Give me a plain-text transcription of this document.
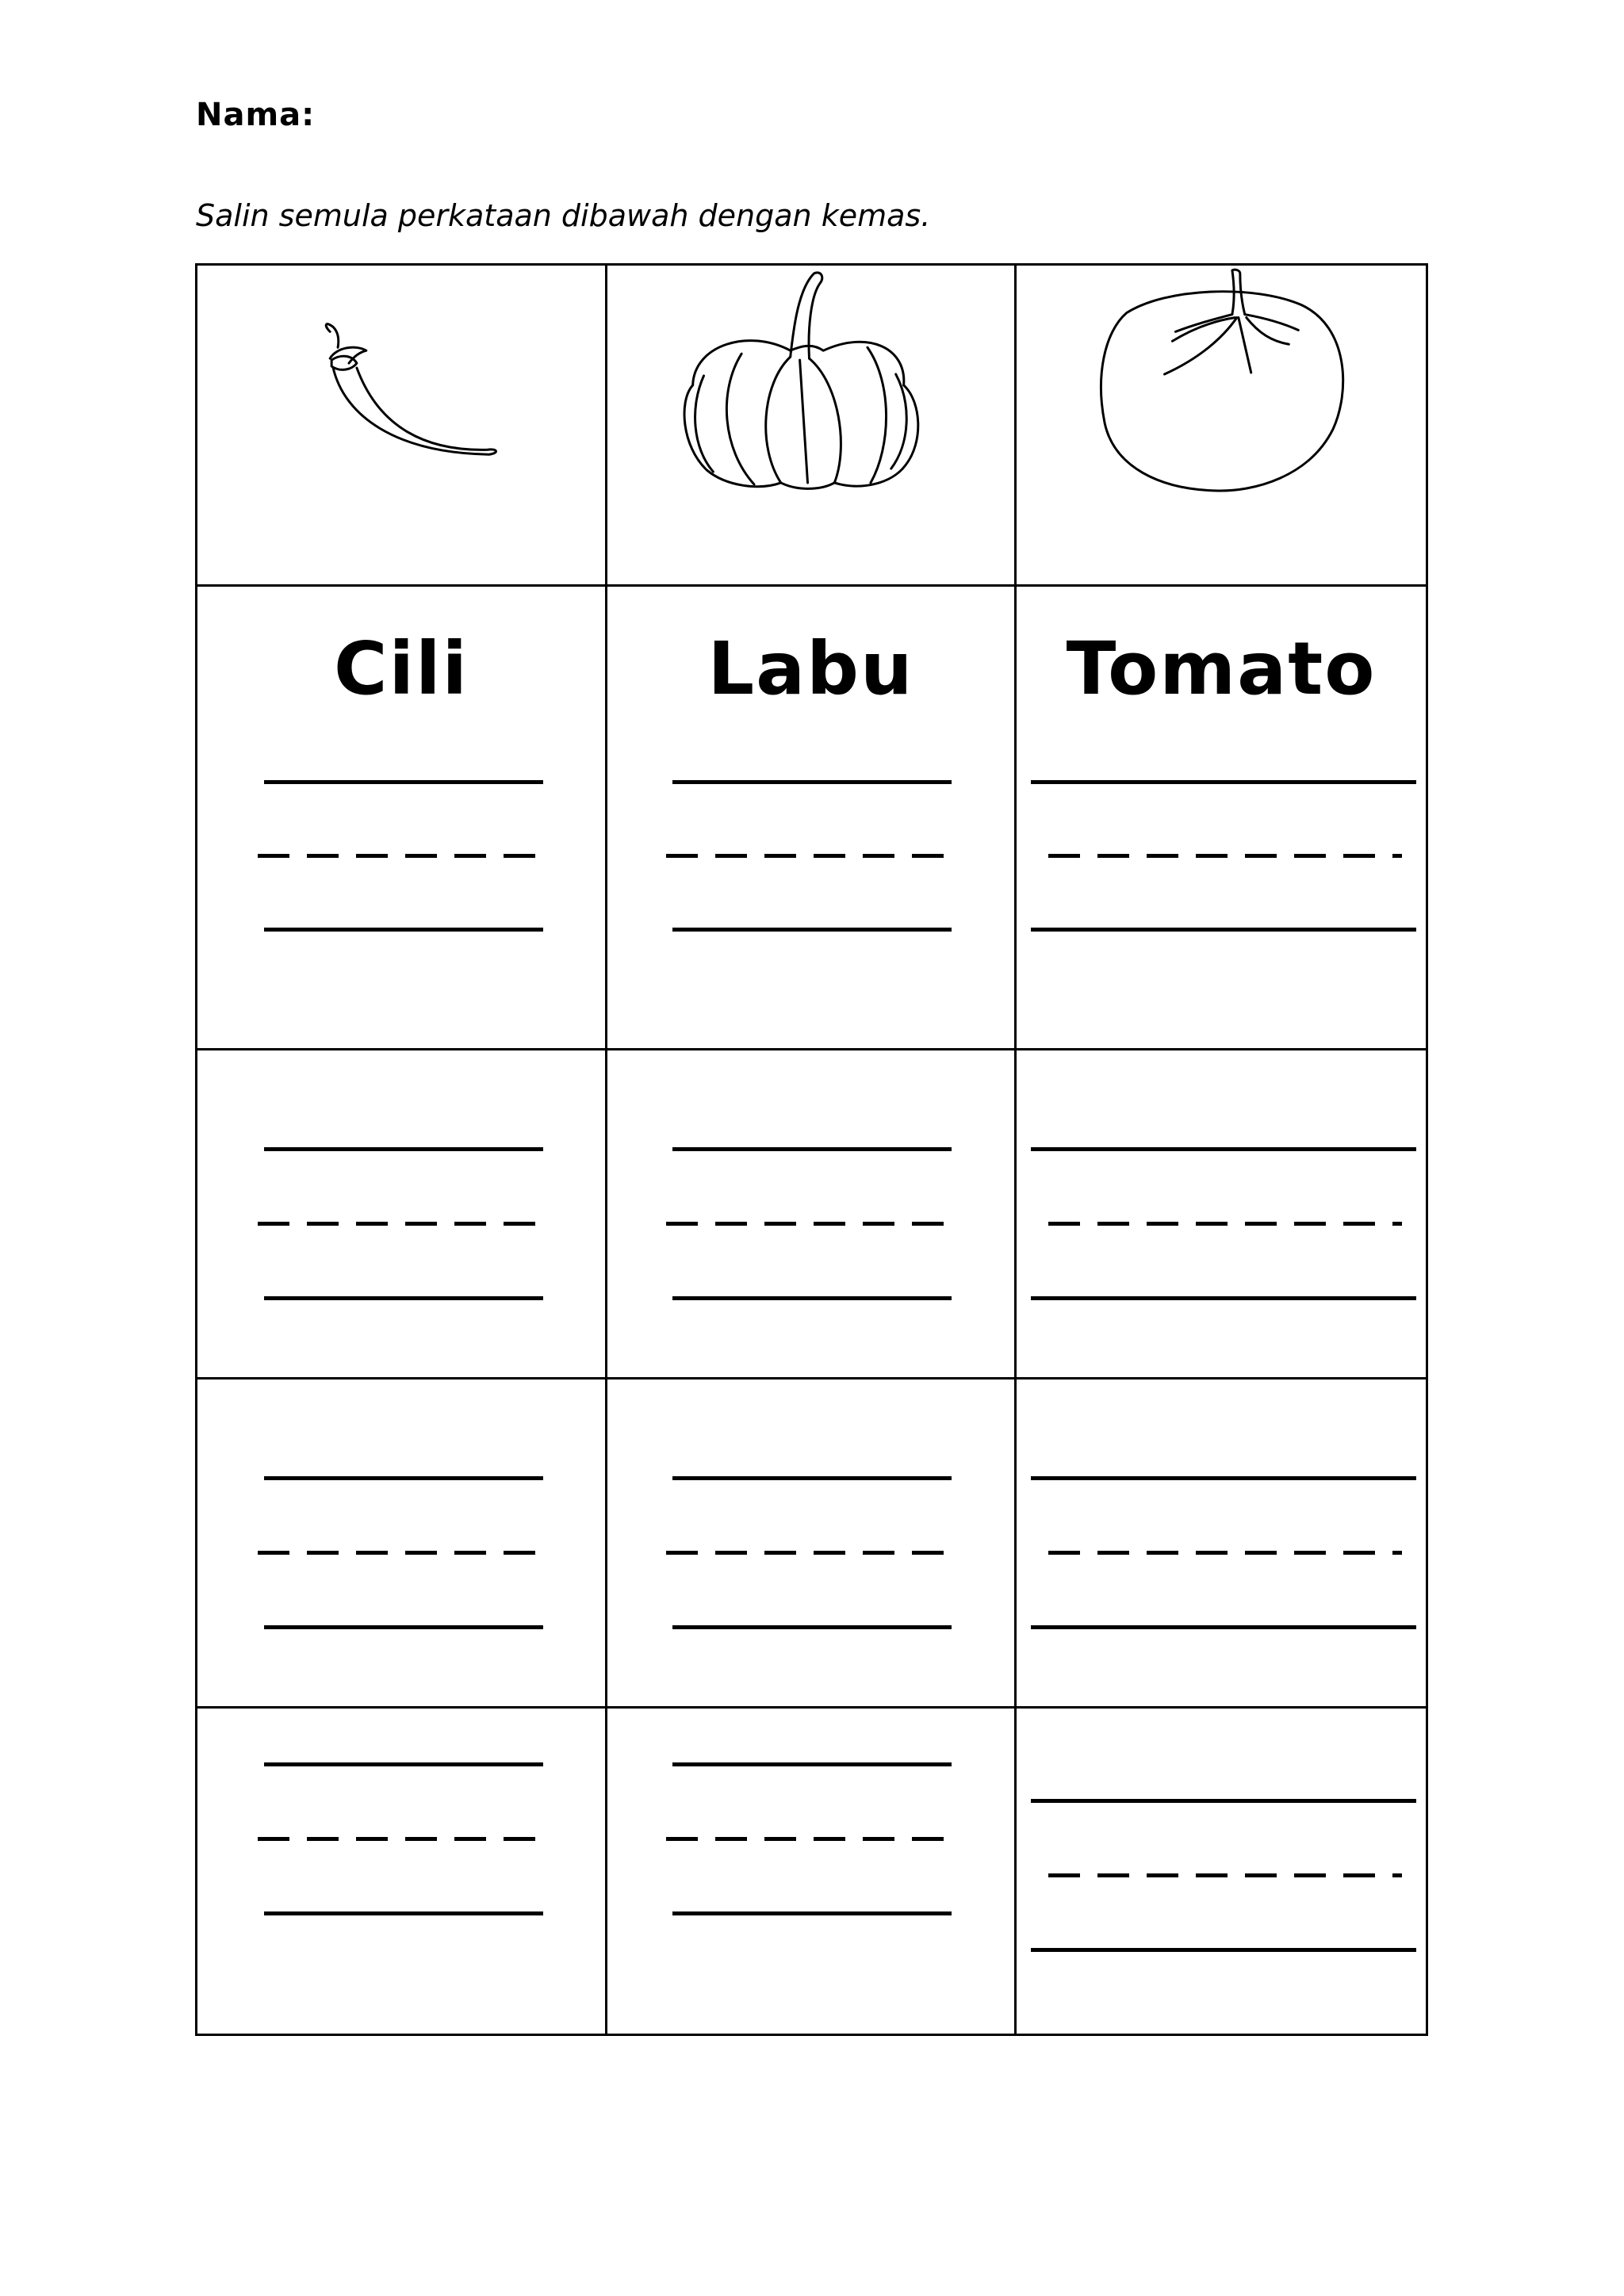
Nama:
Salin semula perkataan dibawah dengan kemas.
Cili	Labu	Tomato
